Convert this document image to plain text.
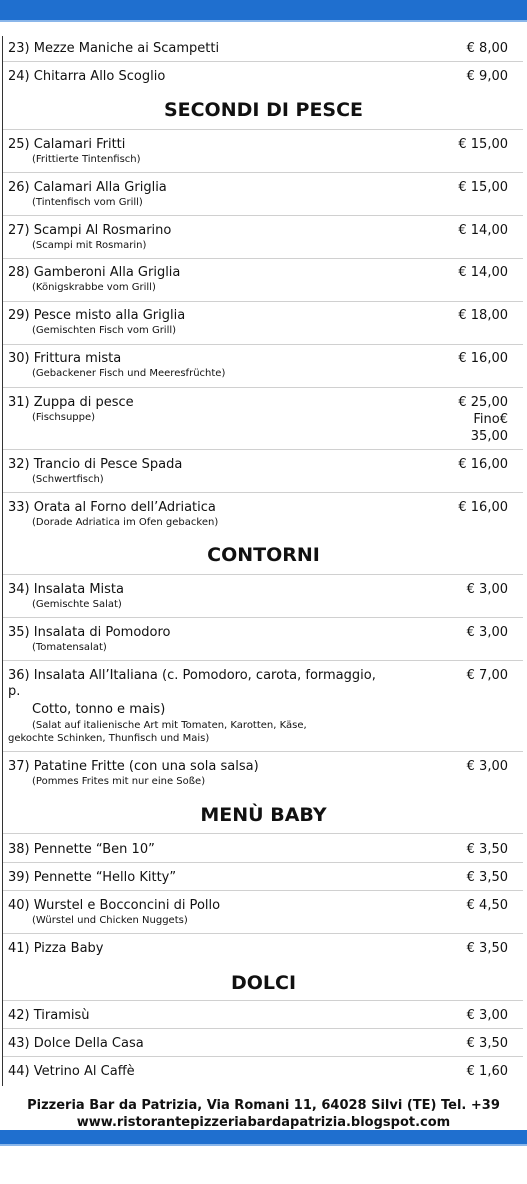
23) Mezze Maniche ai Scampetti	€ 8,00
24) Chitarra Allo Scoglio	€ 9,00
SECONDI DI PESCE
25) Calamari Fritti
(Frittierte Tintenfisch)
€ 15,00
26) Calamari Alla Griglia
(Tintenfisch vom Grill)
€ 15,00
27) Scampi Al Rosmarino
(Scampi mit Rosmarin)
€ 14,00
28) Gamberoni Alla Griglia
(Königskrabbe vom Grill)
€ 14,00
29) Pesce misto alla Griglia
(Gemischten Fisch vom Grill)
€ 18,00
30) Frittura mista
(Gebackener Fisch und Meeresfrüchte)
€ 16,00
31) Zuppa di pesce
(Fischsuppe)
€ 25,00
Fino€
35,00
32) Trancio di Pesce Spada
(Schwertfisch)
€ 16,00
33) Orata al Forno dell’Adriatica
(Dorade Adriatica im Ofen gebacken)
€ 16,00
CONTORNI
34) Insalata Mista
(Gemischte Salat)
€ 3,00
35) Insalata di Pomodoro
(Tomatensalat)
€ 3,00
36) Insalata All’Italiana (c. Pomodoro, carota, formaggio,
p.
Cotto, tonno e mais)
(Salat auf italienische Art mit Tomaten, Karotten, Käse,
gekochte Schinken, Thunfisch und Mais)
€ 7,00
37) Patatine Fritte (con una sola salsa)
(Pommes Frites mit nur eine Soße)
€ 3,00
MENÙ BABY
38) Pennette “Ben 10”	€ 3,50
39) Pennette “Hello Kitty”	€ 3,50
40) Wurstel e Bocconcini di Pollo
(Würstel und Chicken Nuggets)
€ 4,50
41) Pizza Baby	€ 3,50
DOLCI
42) Tiramisù	€ 3,00
43) Dolce Della Casa	€ 3,50
44) Vetrino Al Caffè	€ 1,60
Pizzeria Bar da Patrizia, Via Romani 11, 64028 Silvi (TE) Tel. +39
www.ristorantepizzeriabardapatrizia.blogspot.com
